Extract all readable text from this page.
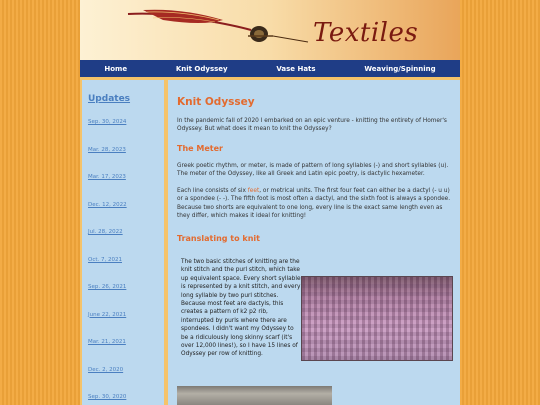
Textiles
Home	Knit Odyssey	Vase Hats	Weaving/Spinning
Updates
Sep. 30, 2024
Mar. 28, 2023
Mar. 17, 2023
Dec. 12, 2022
Jul. 28, 2022
Oct. 7, 2021
Sep. 26, 2021
June 22, 2021
Mar. 21, 2021
Dec. 2, 2020
Sep. 30, 2020
Knit Odyssey

In the pandemic fall of 2020 I embarked on an epic venture - knitting the entirety of Homer's Odyssey. But what does it mean to knit the Odyssey?

The Meter

Greek poetic rhythm, or meter, is made of pattern of long syllables (-) and short syllables (u). The meter of the Odyssey, like all Greek and Latin epic poetry, is dactylic hexameter.

Each line consists of six feet, or metrical units. The first four feet can either be a dactyl (- u u) or a spondee (- -). The fifth foot is most often a dactyl, and the sixth foot is always a spondee. Because two shorts are equivalent to one long, every line is the exact same length even as they differ, which makes it ideal for knitting!

Translating to knit
The two basic stitches of knitting are the knit stitch and the purl stitch, which take up equivalent space. Every short syllable is represented by a knit stitch, and every long syllable by two purl stitches. Because most feet are dactyls, this creates a pattern of k2 p2 rib, interrupted by purls where there are spondees. I didn't want my Odyssey to be a ridiculously long skinny scarf (it's over 12,000 lines!), so I have 15 lines of Odyssey per row of knitting.
